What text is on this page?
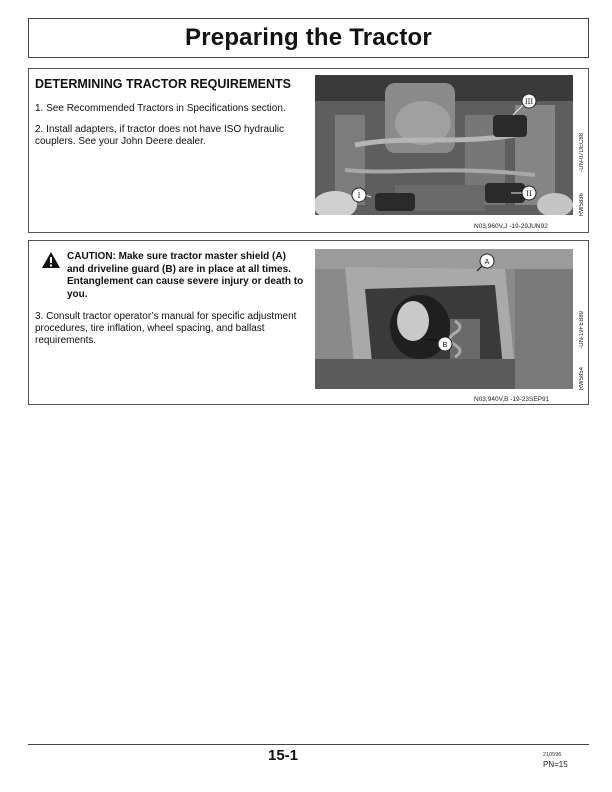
Preparing the Tractor
DETERMINING TRACTOR REQUIREMENTS

1. See Recommended Tractors in Specifications section.

2. Install adapters, if tractor does not have ISO hydraulic couplers. See your John Deere dealer.

III
I	II
-UN-07DEC88
RW5836
N03,960V,J -19-29JUN92
CAUTION: Make sure tractor master shield (A) and driveline guard (B) are in place at all times. Entanglement can cause severe injury or death to you.

3. Consult tractor operator’s manual for specific adjustment procedures, tire inflation, wheel spacing, and ballast requirements.

A
B	-UN-19FEB89
RW5854
N03,940V,B -19-23SEP91
15-1	210596
PN=15
